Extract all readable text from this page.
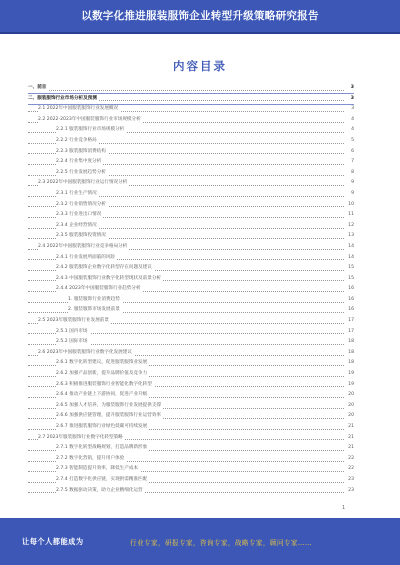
以数字化推进服装服饰企业转型升级策略研究报告
内容目录
一、前言	3
二、服装服饰行业市场分析及预测	3
2.1 2022年中国服装服饰行业发展概况	3
2.2 2022-2023年中国服装服饰行业市场规模分析	4
2.2.1 服装服饰行业市场规模分析	4
2.2.2 行业竞争格局	5
2.2.3 服装服饰消费结构	6
2.2.4 行业集中度分析	7
2.2.5 行业发展趋势分析	8
2.3 2022年中国服装服饰行业运行情况分析	9
2.3.1 行业生产情况	9
2.3.2 行业销售情况分析	10
2.3.3 行业进出口情况	11
2.3.4 企业经营情况	12
2.3.5 服装服饰投资情况	13
2.4 2022年中国服装服饰行业竞争格局分析	14
2.4.1 行业发展所面临的风险	14
2.4.2 服装服饰企业数字化转型存在问题及建议	15
2.4.3 中国服装服饰行业数字化转型现状及前景分析	15
2.4.4 2023年中国服装服饰行业趋势分析	16
1. 服装服饰行业消费趋势	16
2. 服装服饰市场发展前景	16
2.5 2023年服装服饰行业发展前景	17
2.5.1 国内市场	17
2.5.2 国际市场	18
2.6 2023年中国服装服饰行业数字化发展建议	18
2.6.1 数字化转型建议，促进服装服饰业发展	18
2.6.2 加强产品创新，提升品牌价值及竞争力	19
2.6.3 积极推进服装服饰行业智能化数字化转型	19
2.6.4 推动产业链上下游协同，促进产业升级	20
2.6.5 加强人才培养，为服装服饰行业发展提供支撑	20
2.6.6 加强供应链管理，提升服装服饰行业运营效率	20
2.6.7 推进服装服饰行业绿色低碳可持续发展	21
2.7 2023年服装服饰行业数字化转型策略	21
2.7.1 数字化转型战略规划，打造品牌新形象	21
2.7.2 数字化营销，提升用户体验	22
2.7.3 智能制造提升效率，降低生产成本	22
2.7.4 打造数字化供应链，实现供需精准匹配	23
2.7.5 数据驱动决策，助力企业精细化运营	23
1
让每个人都能成为	行业专家，研报专家，咨询专家，战略专家，顾问专家……
